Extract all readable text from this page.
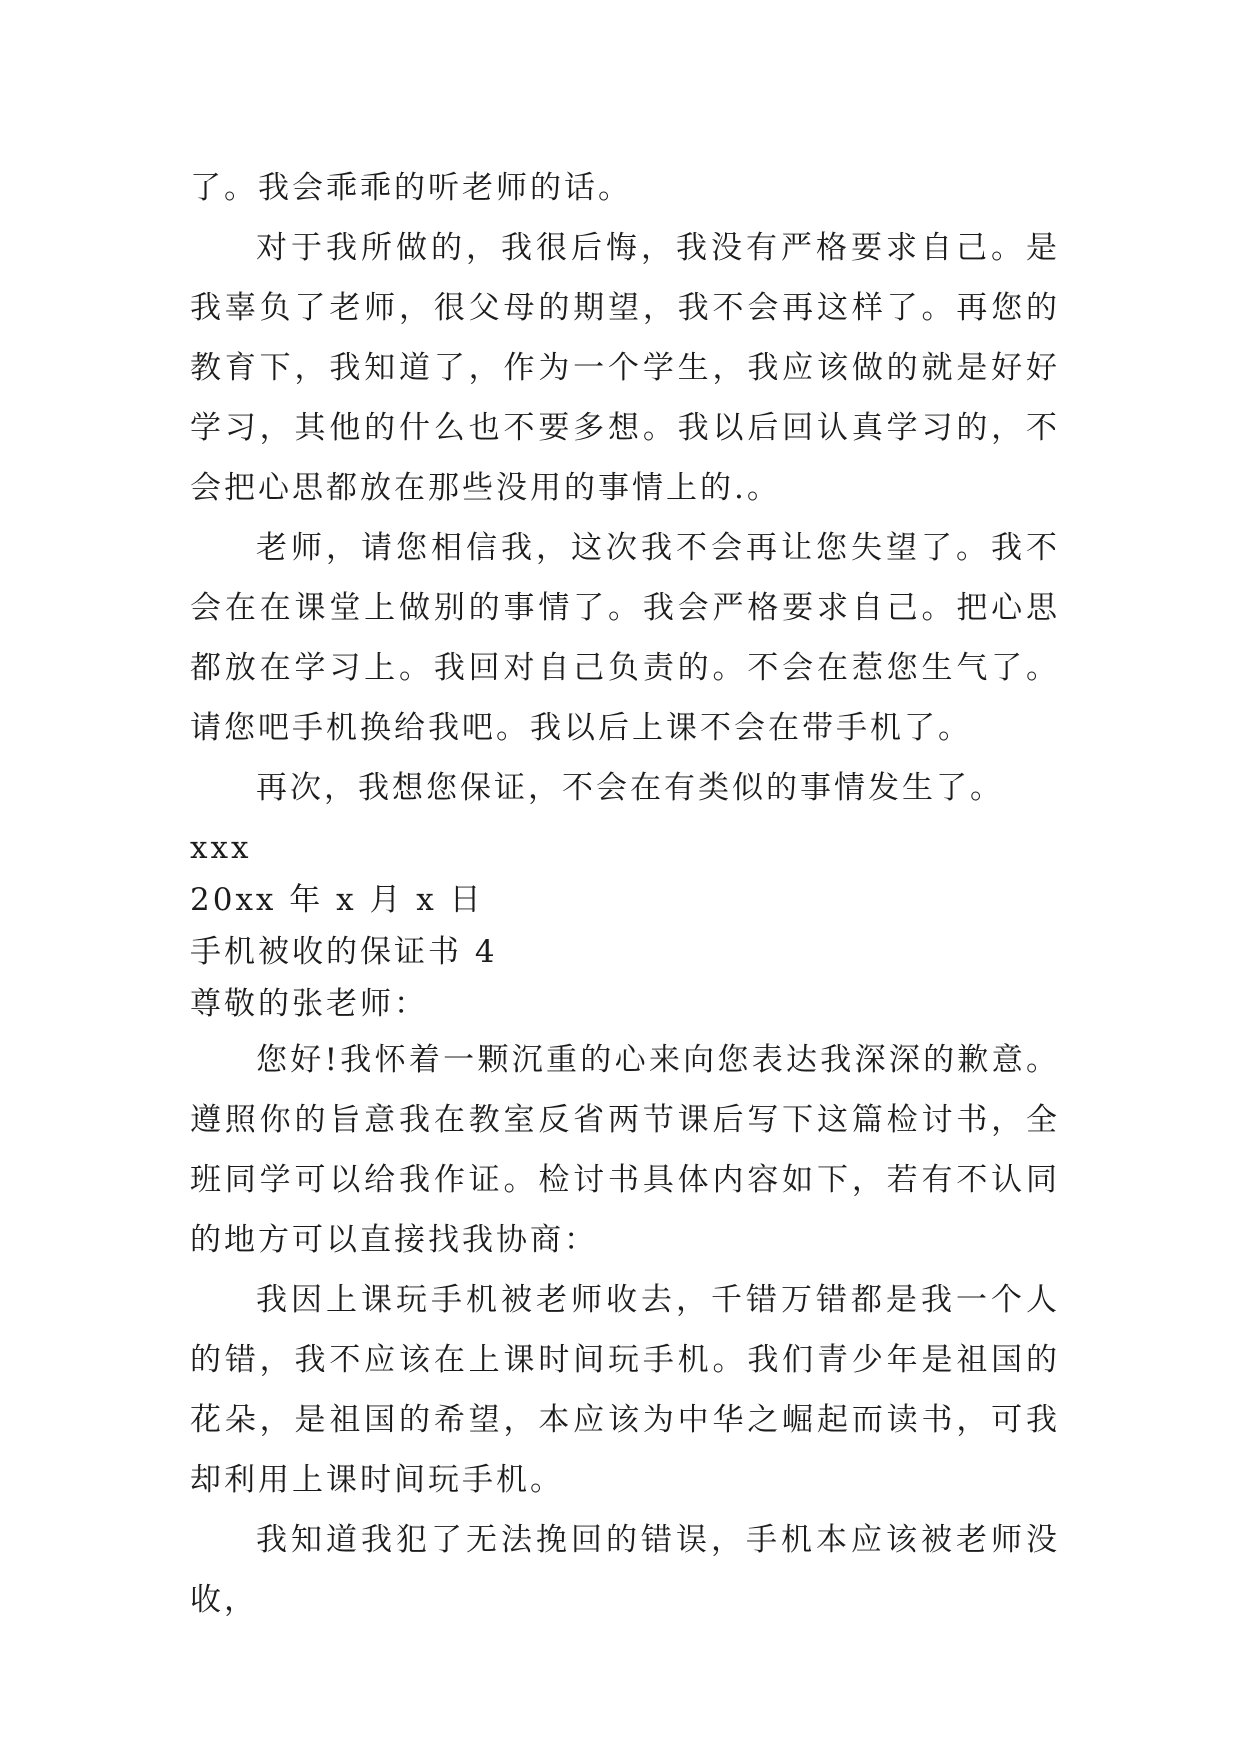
了。我会乖乖的听老师的话。

对于我所做的，我很后悔，我没有严格要求自己。是我辜负了老师，很父母的期望，我不会再这样了。再您的教育下，我知道了，作为一个学生，我应该做的就是好好学习，其他的什么也不要多想。我以后回认真学习的，不会把心思都放在那些没用的事情上的.。

老师，请您相信我，这次我不会再让您失望了。我不会在在课堂上做别的事情了。我会严格要求自己。把心思都放在学习上。我回对自己负责的。不会在惹您生气了。请您吧手机换给我吧。我以后上课不会在带手机了。

再次，我想您保证，不会在有类似的事情发生了。

xxx

20xx 年 x 月 x 日

手机被收的保证书 4

尊敬的张老师：

您好!我怀着一颗沉重的心来向您表达我深深的歉意。遵照你的旨意我在教室反省两节课后写下这篇检讨书，全班同学可以给我作证。检讨书具体内容如下，若有不认同的地方可以直接找我协商：

我因上课玩手机被老师收去，千错万错都是我一个人的错，我不应该在上课时间玩手机。我们青少年是祖国的花朵，是祖国的希望，本应该为中华之崛起而读书，可我却利用上课时间玩手机。

我知道我犯了无法挽回的错误，手机本应该被老师没收，
